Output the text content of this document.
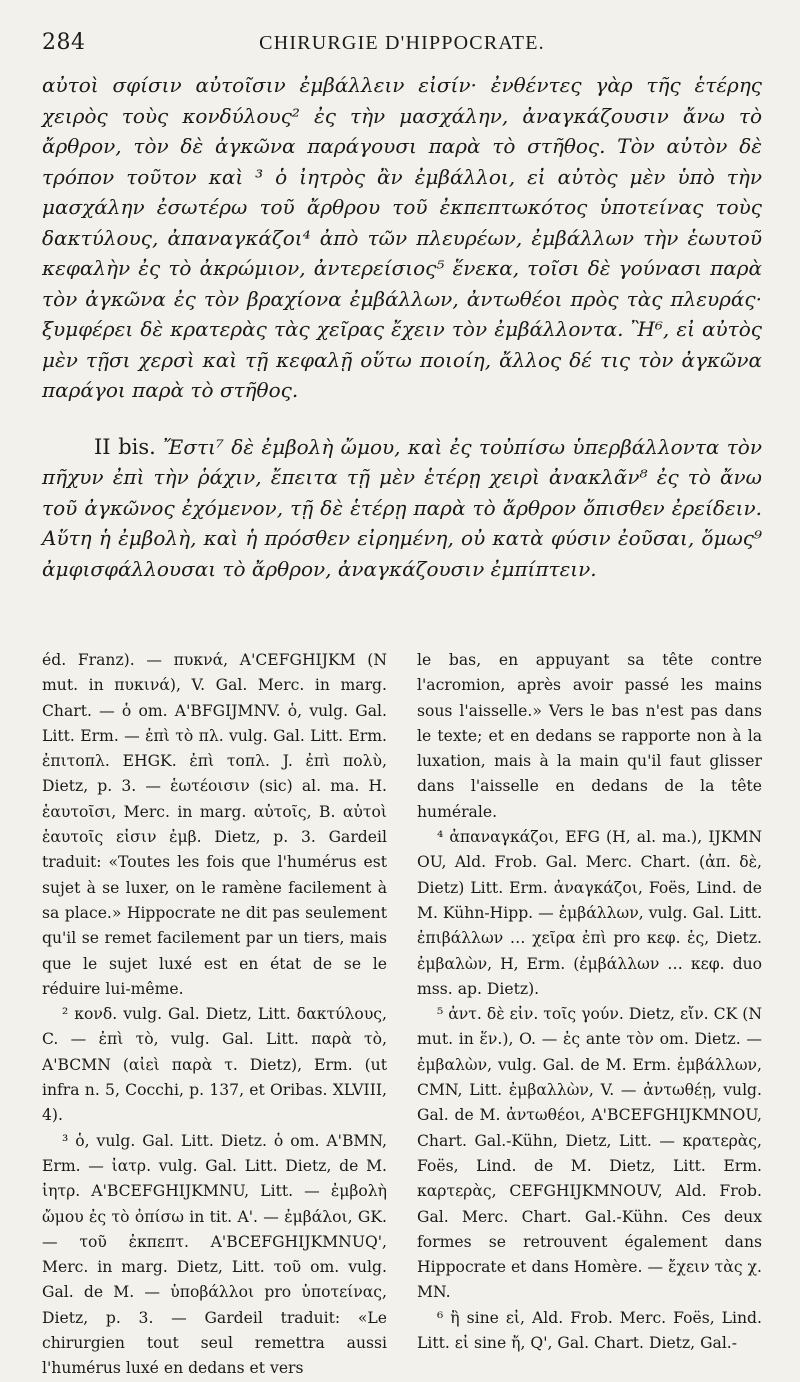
284	CHIRURGIE D'HIPPOCRATE.

αὐτοὶ σφίσιν αὐτοῖσιν ἐμβάλλειν εἰσίν· ἐνθέντες γὰρ τῆς ἑτέρης χειρὸς τοὺς κονδύλους² ἐς τὴν μασχάλην, ἀναγκάζουσιν ἄνω τὸ ἄρθρον, τὸν δὲ ἀγκῶνα παράγουσι παρὰ τὸ στῆθος. Τὸν αὐτὸν δὲ τρόπον τοῦτον καὶ ³ ὁ ἰητρὸς ἂν ἐμβάλλοι, εἰ αὐτὸς μὲν ὑπὸ τὴν μασχάλην ἐσωτέρω τοῦ ἄρθρου τοῦ ἐκπεπτωκότος ὑποτείνας τοὺς δακτύλους, ἀπαναγκάζοι⁴ ἀπὸ τῶν πλευρέων, ἐμβάλλων τὴν ἑωυτοῦ κεφαλὴν ἐς τὸ ἀκρώμιον, ἀντερείσιος⁵ ἕνεκα, τοῖσι δὲ γούνασι παρὰ τὸν ἀγκῶνα ἐς τὸν βραχίονα ἐμβάλλων, ἀντωθέοι πρὸς τὰς πλευράς· ξυμφέρει δὲ κρατερὰς τὰς χεῖρας ἔχειν τὸν ἐμβάλλοντα. Ἢ⁶, εἰ αὐτὸς μὲν τῇσι χερσὶ καὶ τῇ κεφαλῇ οὕτω ποιοίη, ἄλλος δέ τις τὸν ἀγκῶνα παράγοι παρὰ τὸ στῆθος.

II bis. Ἔστι⁷ δὲ ἐμβολὴ ὤμου, καὶ ἐς τοὐπίσω ὑπερβάλλοντα τὸν πῆχυν ἐπὶ τὴν ῥάχιν, ἔπειτα τῇ μὲν ἑτέρῃ χειρὶ ἀνακλᾶν⁸ ἐς τὸ ἄνω τοῦ ἀγκῶνος ἐχόμενον, τῇ δὲ ἑτέρῃ παρὰ τὸ ἄρθρον ὄπισθεν ἐρείδειν. Αὕτη ἡ ἐμβολὴ, καὶ ἡ πρόσθεν εἰρημένη, οὐ κατὰ φύσιν ἐοῦσαι, ὅμως⁹ ἀμφισφάλλουσαι τὸ ἄρθρον, ἀναγκάζουσιν ἐμπίπτειν.

éd. Franz). — πυκνά, A'CEFGHIJKM (N mut. in πυκινά), V. Gal. Merc. in marg. Chart. — ὁ om. A'BFGIJMNV. ὁ, vulg. Gal. Litt. Erm. — ἐπὶ τὸ πλ. vulg. Gal. Litt. Erm. ἐπιτοπλ. EHGK. ἐπὶ τοπλ. J. ἐπὶ πολὺ, Dietz, p. 3. — ἑωτέοισιν (sic) al. ma. H. ἑαυτοῖσι, Merc. in marg. αὐτοῖς, B. αὐτοὶ ἑαυτοῖς εἰσιν ἐμβ. Dietz, p. 3. Gardeil traduit: «Toutes les fois que l'humérus est sujet à se luxer, on le ramène facilement à sa place.» Hippocrate ne dit pas seulement qu'il se remet facilement par un tiers, mais que le sujet luxé est en état de se le réduire lui-même.

² κονδ. vulg. Gal. Dietz, Litt. δακτύλους, C. — ἐπὶ τὸ, vulg. Gal. Litt. παρὰ τὸ, A'BCMN (αἰεὶ παρὰ τ. Dietz), Erm. (ut infra n. 5, Cocchi, p. 137, et Oribas. XLVIII, 4).

³ ὁ, vulg. Gal. Litt. Dietz. ὁ om. A'BMN, Erm. — ἰατρ. vulg. Gal. Litt. Dietz, de M. ἰητρ. A'BCEFGHIJKMNU, Litt. — ἐμβολὴ ὤμου ἐς τὸ ὀπίσω in tit. A'. — ἐμβάλοι, GK. — τοῦ ἐκπεπτ. A'BCEFGHIJKMNUQ', Merc. in marg. Dietz, Litt. τοῦ om. vulg. Gal. de M. — ὑποβάλλοι pro ὑποτείνας, Dietz, p. 3. — Gardeil traduit: «Le chirurgien tout seul remettra aussi l'humérus luxé en dedans et vers

le bas, en appuyant sa tête contre l'acromion, après avoir passé les mains sous l'aisselle.» Vers le bas n'est pas dans le texte; et en dedans se rapporte non à la luxation, mais à la main qu'il faut glisser dans l'aisselle en dedans de la tête humérale.

⁴ ἀπαναγκάζοι, EFG (H, al. ma.), IJKMN OU, Ald. Frob. Gal. Merc. Chart. (ἀπ. δὲ, Dietz) Litt. Erm. ἀναγκάζοι, Foës, Lind. de M. Kühn-Hipp. — ἐμβάλλων, vulg. Gal. Litt. ἐπιβάλλων … χεῖρα ἐπὶ pro κεφ. ἐς, Dietz. ἐμβαλὼν, H, Erm. (ἐμβάλλων … κεφ. duo mss. ap. Dietz).

⁵ ἀντ. δὲ εἰν. τοῖς γούν. Dietz, εἴν. CK (N mut. in ἕν.), O. — ἐς ante τὸν om. Dietz. — ἐμβαλὼν, vulg. Gal. de M. Erm. ἐμβάλλων, CMN, Litt. ἐμβαλλὼν, V. — ἀντωθέῃ, vulg. Gal. de M. ἀντωθέοι, A'BCEFGHIJKMNOU, Chart. Gal.-Kühn, Dietz, Litt. — κρατερὰς, Foës, Lind. de M. Dietz, Litt. Erm. καρτερὰς, CEFGHIJKMNOUV, Ald. Frob. Gal. Merc. Chart. Gal.-Kühn. Ces deux formes se retrouvent également dans Hippocrate et dans Homère. — ἔχειν τὰς χ. MN.

⁶ ἢ sine εἰ, Ald. Frob. Merc. Foës, Lind. Litt. εἰ sine ἤ, Q', Gal. Chart. Dietz, Gal.-
